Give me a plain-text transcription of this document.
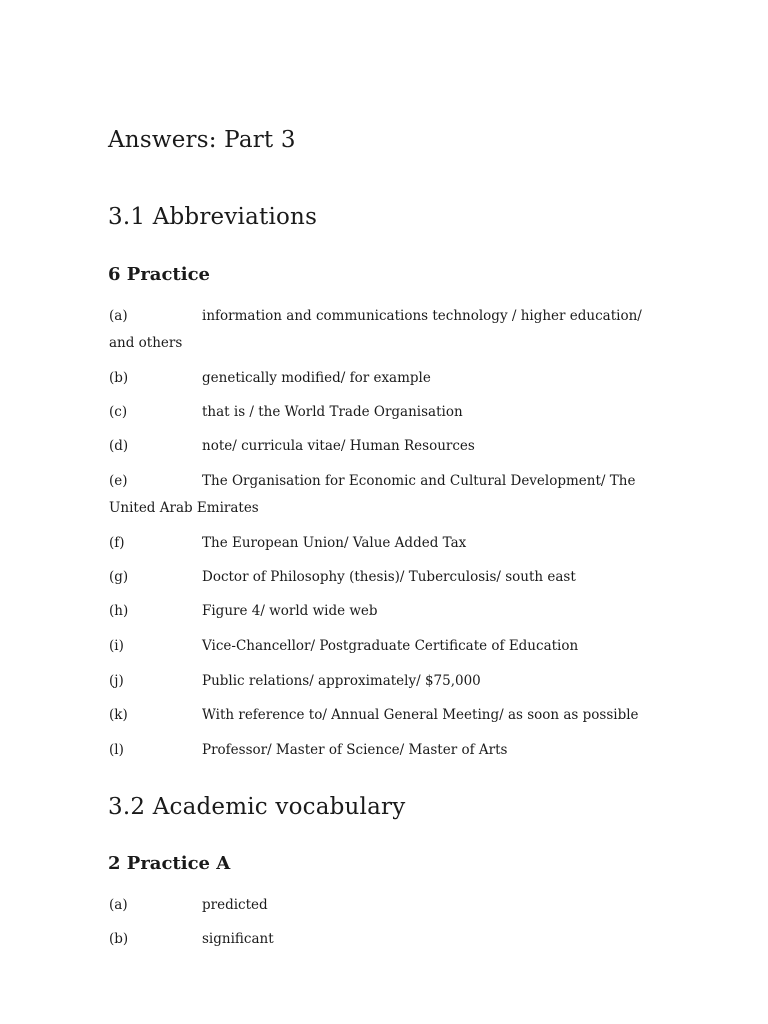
Answers: Part 3
3.1 Abbreviations
6 Practice
(a)	information and communications technology / higher education/ and others
(b)	genetically modified/ for example
(c)	that is / the World Trade Organisation
(d)	note/ curricula vitae/ Human Resources
(e)	The Organisation for Economic and Cultural Development/ The United Arab Emirates
(f)	The European Union/ Value Added Tax
(g)	Doctor of Philosophy (thesis)/ Tuberculosis/ south east
(h)	Figure 4/ world wide web
(i)	Vice-Chancellor/ Postgraduate Certificate of Education
(j)	Public relations/ approximately/ $75,000
(k)	With reference to/ Annual General Meeting/ as soon as possible
(l)	Professor/ Master of Science/ Master of Arts
3.2 Academic vocabulary
2 Practice A
(a)	predicted
(b)	significant
